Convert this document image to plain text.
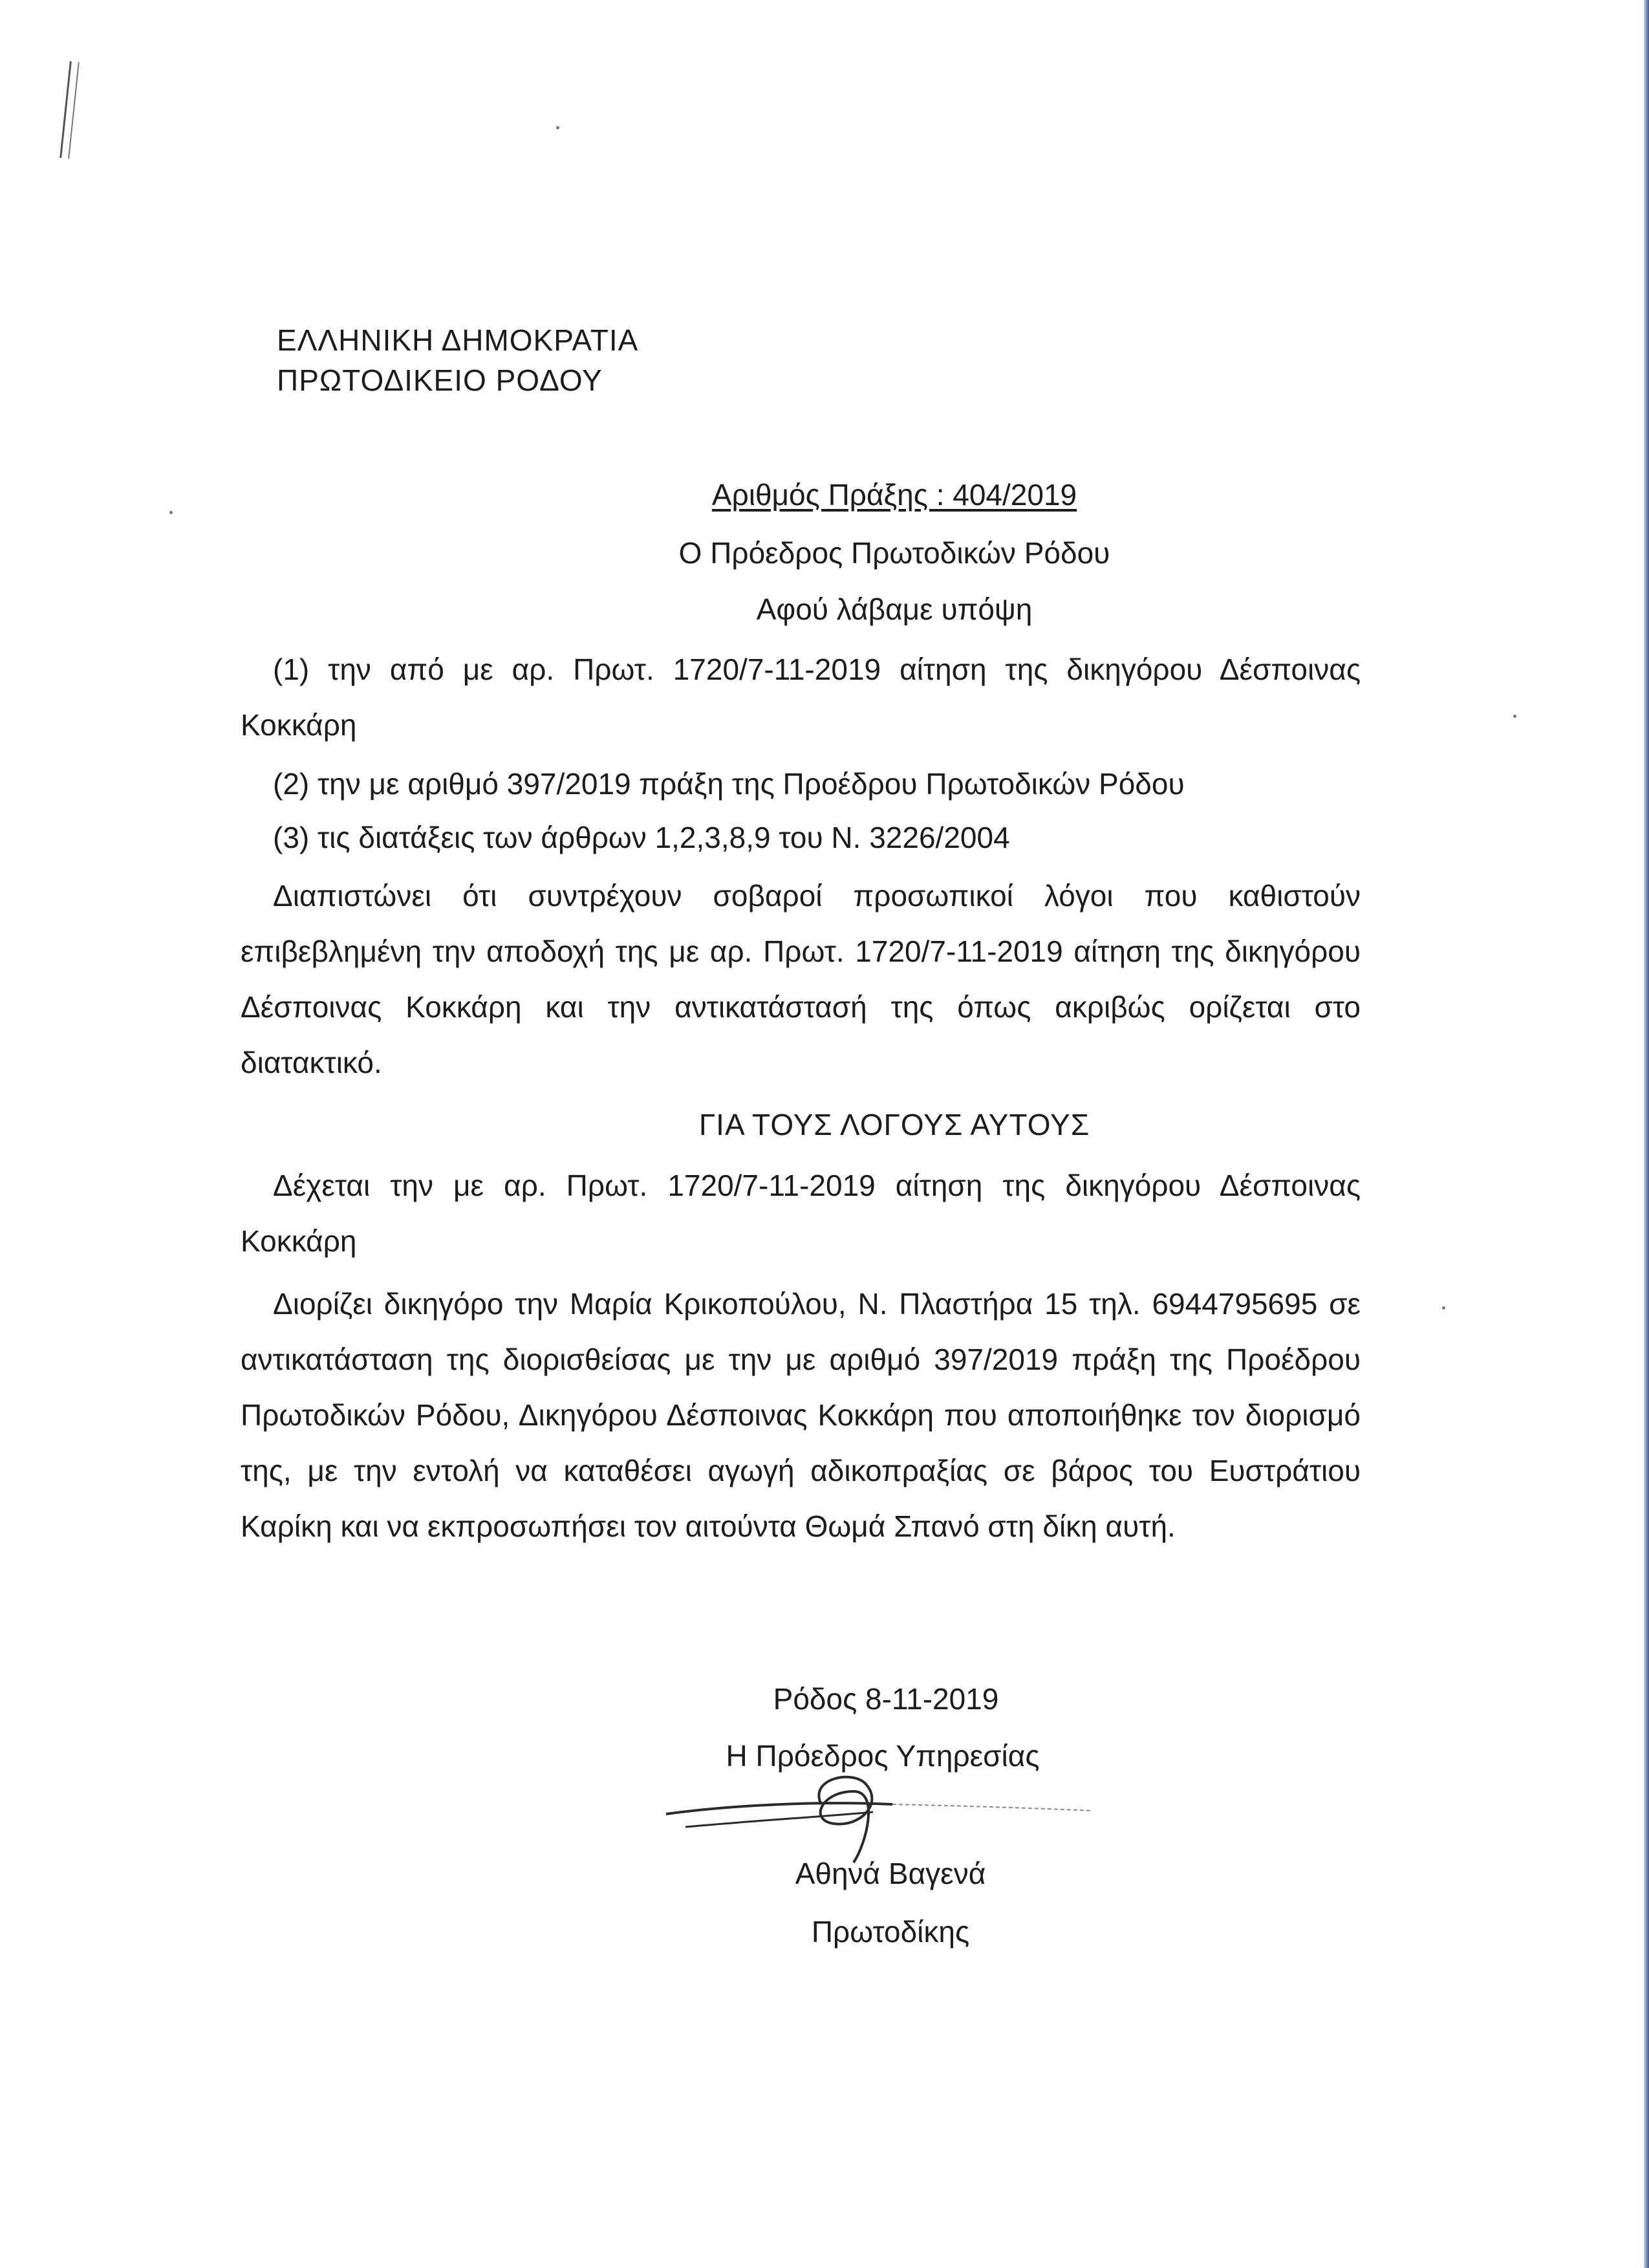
ΕΛΛΗΝΙΚΗ ΔΗΜΟΚΡΑΤΙΑ
ΠΡΩΤΟΔΙΚΕΙΟ ΡΟΔΟΥ
Αριθμός Πράξης : 404/2019
Ο Πρόεδρος Πρωτοδικών Ρόδου
Αφού λάβαμε υπόψη

(1) την από με αρ. Πρωτ. 1720/7-11-2019 αίτηση της δικηγόρου Δέσποινας Κοκκάρη

(2) την με αριθμό 397/2019 πράξη της Προέδρου Πρωτοδικών Ρόδου
(3) τις διατάξεις των άρθρων 1,2,3,8,9 του Ν. 3226/2004

Διαπιστώνει ότι συντρέχουν σοβαροί προσωπικοί λόγοι που καθιστούν επιβεβλημένη την αποδοχή της με αρ. Πρωτ. 1720/7-11-2019 αίτηση της δικηγόρου Δέσποινας Κοκκάρη και την αντικατάστασή της όπως ακριβώς ορίζεται στο διατακτικό.

ΓΙΑ ΤΟΥΣ ΛΟΓΟΥΣ ΑΥΤΟΥΣ

Δέχεται την με αρ. Πρωτ. 1720/7-11-2019 αίτηση της δικηγόρου Δέσποινας Κοκκάρη

Διορίζει δικηγόρο την Μαρία Κρικοπούλου, Ν. Πλαστήρα 15 τηλ. 6944795695 σε αντικατάσταση της διορισθείσας με την με αριθμό 397/2019 πράξη της Προέδρου Πρωτοδικών Ρόδου, Δικηγόρου Δέσποινας Κοκκάρη που αποποιήθηκε τον διορισμό της, με την εντολή να καταθέσει αγωγή αδικοπραξίας σε βάρος του Ευστράτιου Καρίκη και να εκπροσωπήσει τον αιτούντα Θωμά Σπανό στη δίκη αυτή.

Ρόδος 8-11-2019
Η Πρόεδρος Υπηρεσίας
Αθηνά Βαγενά
Πρωτοδίκης
